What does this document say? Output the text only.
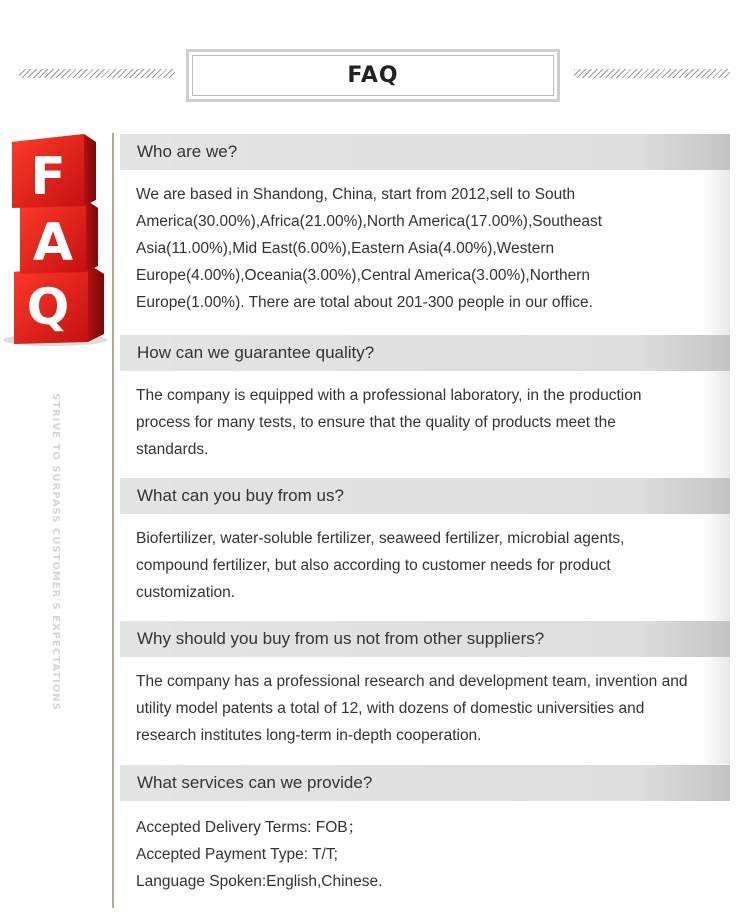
FAQ
Q
A
F
STRIVE TO SURPASS CUSTOMER'S EXPECTATIONS
Who are we?

We are based in Shandong, China, start from 2012,sell to South

America(30.00%),Africa(21.00%),North America(17.00%),Southeast

Asia(11.00%),Mid East(6.00%),Eastern Asia(4.00%),Western

Europe(4.00%),Oceania(3.00%),Central America(3.00%),Northern

Europe(1.00%). There are total about 201-300 people in our office.

How can we guarantee quality?

The company is equipped with a professional laboratory, in the production

process for many tests, to ensure that the quality of products meet the

standards.

What can you buy from us?

Biofertilizer, water-soluble fertilizer, seaweed fertilizer, microbial agents,

compound fertilizer, but also according to customer needs for product

customization.

Why should you buy from us not from other suppliers?

The company has a professional research and development team, invention and

utility model patents a total of 12, with dozens of domestic universities and

research institutes long-term in-depth cooperation.

What services can we provide?

Accepted Delivery Terms: FOB；

Accepted Payment Type: T/T;

Language Spoken:English,Chinese.
